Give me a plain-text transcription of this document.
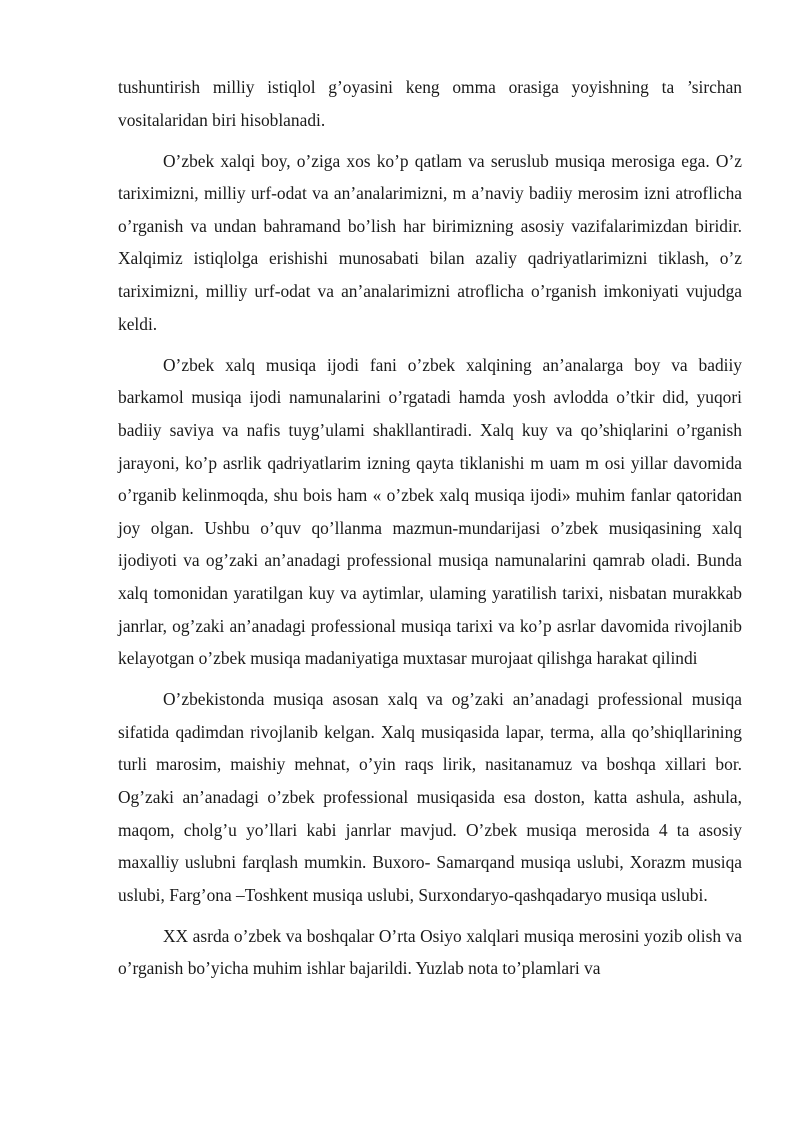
tushuntirish milliy istiqlol g’oyasini keng omma orasiga yoyishning ta ’sirchan vositalaridan biri hisoblanadi.

O’zbek xalqi boy, o’ziga xos ko’p qatlam va seruslub musiqa merosiga ega. O’z tariximizni, milliy urf-odat va an’analarimizni, m a’naviy badiiy merosim izni atroflicha o’rganish va undan bahramand bo’lish har birimizning asosiy vazifalarimizdan biridir. Xalqimiz istiqlolga erishishi munosabati bilan azaliy qadriyatlarimizni tiklash, o’z tariximizni, milliy urf-odat va an’analarimizni atroflicha o’rganish imkoniyati vujudga keldi.

O’zbek xalq musiqa ijodi fani o’zbek xalqining an’analarga boy va badiiy barkamol musiqa ijodi namunalarini o’rgatadi hamda yosh avlodda o’tkir did, yuqori badiiy saviya va nafis tuyg’ulami shakllantiradi. Xalq kuy va qo’shiqlarini o’rganish jarayoni, ko’p asrlik qadriyatlarim izning qayta tiklanishi m uam m osi yillar davomida o’rganib kelinmoqda, shu bois ham « o’zbek xalq musiqa ijodi» muhim fanlar qatoridan joy olgan. Ushbu o’quv qo’llanma mazmun-mundarijasi o’zbek musiqasining xalq ijodiyoti va og’zaki an’anadagi professional musiqa namunalarini qamrab oladi. Bunda xalq tomonidan yaratilgan kuy va aytimlar, ulaming yaratilish tarixi, nisbatan murakkab janrlar, og’zaki an’anadagi professional musiqa tarixi va ko’p asrlar davomida rivojlanib kelayotgan o’zbek musiqa madaniyatiga muxtasar murojaat qilishga harakat qilindi

O’zbekistonda musiqa asosan xalq va og’zaki an’anadagi professional musiqa sifatida qadimdan rivojlanib kelgan. Xalq musiqasida lapar, terma, alla qo’shiqllarining turli marosim, maishiy mehnat, o’yin raqs lirik, nasitanamuz va boshqa xillari bor. Og’zaki an’anadagi o’zbek professional musiqasida esa doston, katta ashula, ashula, maqom, cholg’u yo’llari kabi janrlar mavjud. O’zbek musiqa merosida 4 ta asosiy maxalliy uslubni farqlash mumkin. Buxoro- Samarqand musiqa uslubi, Xorazm musiqa uslubi, Farg’ona –Toshkent musiqa uslubi, Surxondaryo-qashqadaryo musiqa uslubi.

XX asrda o’zbek va boshqalar O’rta Osiyo xalqlari musiqa merosini yozib olish va o’rganish bo’yicha muhim ishlar bajarildi. Yuzlab nota to’plamlari va
